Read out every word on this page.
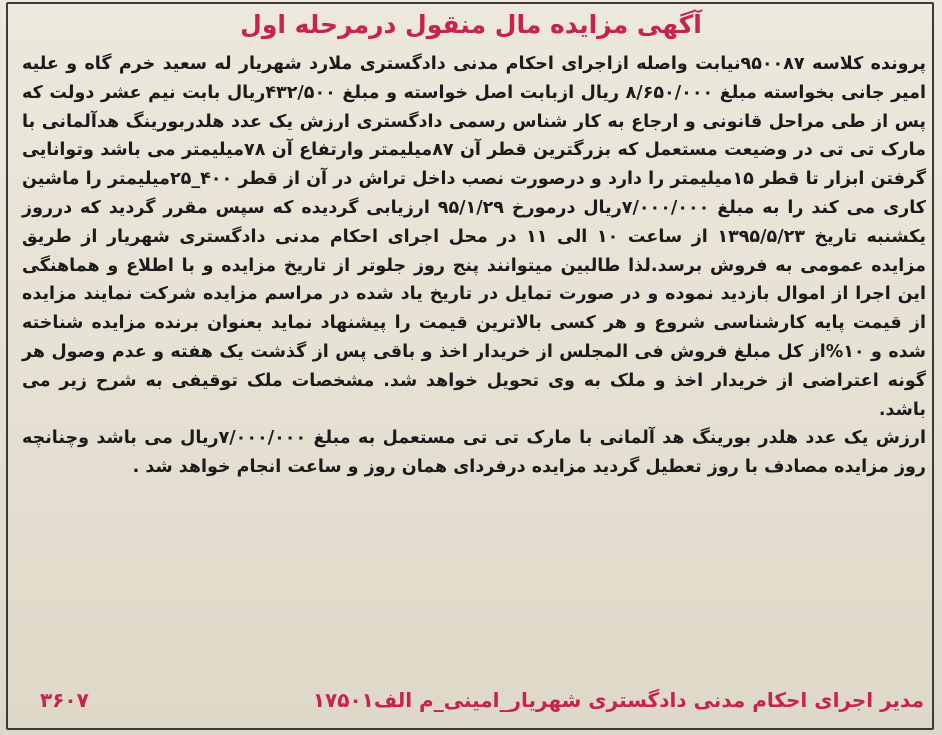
آگهی مزایده مال منقول درمرحله اول
پرونده کلاسه ۹۵۰۰۸۷نیابت واصله ازاجرای احکام مدنی دادگستری ملارد شهریار له سعید خرم گاه و علیه امیر جانی بخواسته مبلغ ۸/۶۵۰/۰۰۰ ریال ازبابت اصل خواسته و مبلغ ۴۳۲/۵۰۰ریال بابت نیم عشر دولت که پس از طی مراحل قانونی و ارجاع به کار شناس رسمی دادگستری ارزش یک عدد هلدربورینگ هدآلمانی با مارک تی تی در وضیعت مستعمل که بزرگترین قطر آن ۸۷میلیمتر وارتفاع آن ۷۸میلیمتر می باشد وتوانایی گرفتن ابزار تا قطر ۱۵میلیمتر را دارد و درصورت نصب داخل تراش در آن از قطر ۴۰۰_۲۵میلیمتر را ماشین کاری می کند را به مبلغ ۷/۰۰۰/۰۰۰ریال درمورخ ۹۵/۱/۲۹ ارزیابی گردیده که سپس مقرر گردید که درروز یکشنبه تاریخ ۱۳۹۵/۵/۲۳ از ساعت ۱۰ الی ۱۱ در محل اجرای احکام مدنی دادگستری شهریار از طریق مزایده عمومی به فروش برسد.لذا طالبین میتوانند پنج روز جلوتر از تاریخ مزایده و با اطلاع و هماهنگی این اجرا از اموال بازدید نموده و در صورت تمایل در تاریخ یاد شده در مراسم مزایده شرکت نمایند مزایده از قیمت پایه کارشناسی شروع و هر کسی بالاترین قیمت را پیشنهاد نماید بعنوان برنده مزایده شناخته شده و ۱۰%از کل مبلغ فروش فی المجلس از خریدار اخذ و باقی پس از گذشت یک هفته و عدم وصول هر گونه اعتراضی از خریدار اخذ و ملک به وی تحویل خواهد شد. مشخصات ملک توقیفی به شرح زیر می باشد.
ارزش یک عدد هلدر بورینگ هد آلمانی با مارک تی تی مستعمل به مبلغ ۷/۰۰۰/۰۰۰ریال می باشد وچنانچه روز مزایده مصادف با روز تعطیل گردید مزایده درفردای همان روز و ساعت انجام خواهد شد .
مدیر اجرای احکام مدنی دادگستری شهریار_امینی_م الف۱۷۵۰۱
۳۶۰۷
